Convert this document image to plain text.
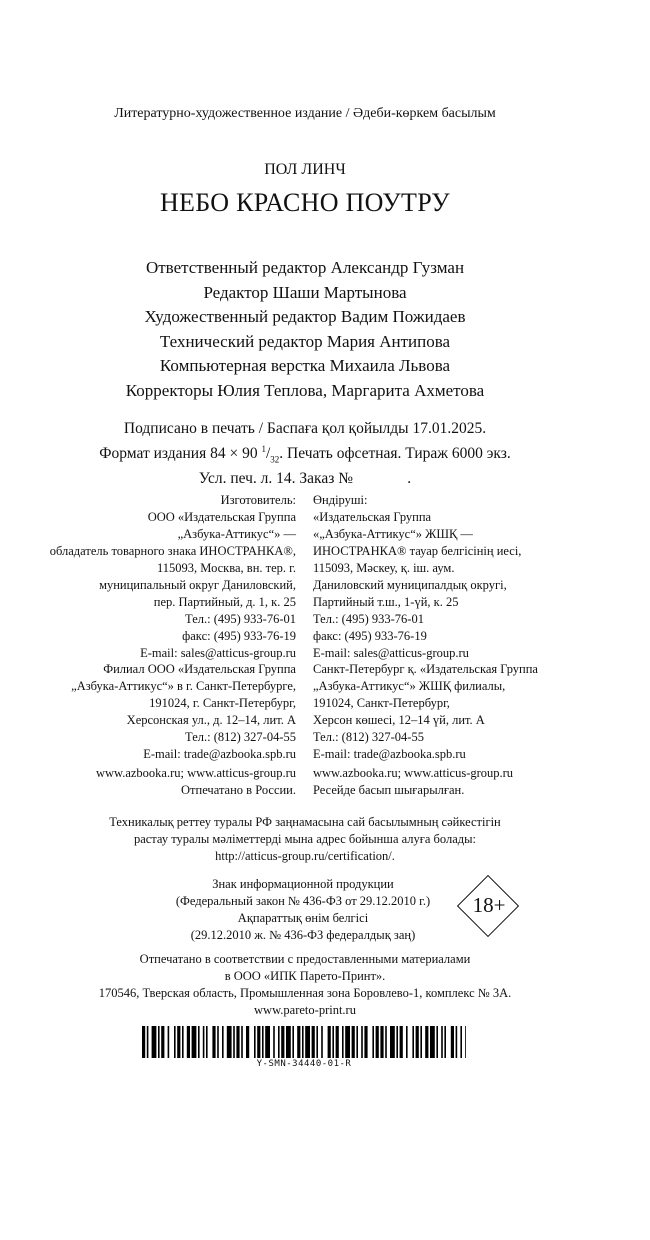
Литературно-художественное издание / Әдеби-көркем басылым
ПОЛ ЛИНЧ
НЕБО КРАСНО ПОУТРУ
Ответственный редактор Александр Гузман
Редактор Шаши Мартынова
Художественный редактор Вадим Пожидаев
Технический редактор Мария Антипова
Компьютерная верстка Михаила Львова
Корректоры Юлия Теплова, Маргарита Ахметова
Подписано в печать / Баспаға қол қойылды 17.01.2025.
Формат издания 84 × 90 $^1/_{32}$. Печать офсетная. Тираж 6000 экз.
Усл. печ. л. 14. Заказ №              .
Изготовитель:
ООО «Издательская Группа
„Азбука-Аттикус“» —
обладатель товарного знака ИНОСТРАНКА®,
115093, Москва, вн. тер. г.
муниципальный округ Даниловский,
пер. Партийный, д. 1, к. 25
Тел.: (495) 933-76-01
факс: (495) 933-76-19
E-mail: sales@atticus-group.ru
Өндіруші:
«Издательская Группа
«„Азбука-Аттикус“» ЖШҚ —
ИНОСТРАНКА® тауар белгісінің иесі,
115093, Мәскеу, қ. іш. аум.
Даниловский муниципалдық округі,
Партийный т.ш., 1-үй, к. 25
Тел.: (495) 933-76-01
факс: (495) 933-76-19
E-mail: sales@atticus-group.ru
Филиал ООО «Издательская Группа
„Азбука-Аттикус“» в г. Санкт-Петербурге,
191024, г. Санкт-Петербург,
Херсонская ул., д. 12–14, лит. А
Тел.: (812) 327-04-55
E-mail: trade@azbooka.spb.ru
Санкт-Петербург қ. «Издательская Группа
„Азбука-Аттикус“» ЖШҚ филиалы,
191024, Санкт-Петербург,
Херсон көшесі, 12–14 үй, лит. А
Тел.: (812) 327-04-55
E-mail: trade@azbooka.spb.ru
www.azbooka.ru; www.atticus-group.ru
Отпечатано в России.
www.azbooka.ru; www.atticus-group.ru
Ресейде басып шығарылған.
Техникалық реттеу туралы РФ заңнамасына сай басылымның сәйкестігін
растау туралы мәліметтерді мына адрес бойынша алуға болады:
http://atticus-group.ru/certification/.
Знак информационной продукции
(Федеральный закон № 436-ФЗ от 29.12.2010 г.)
Ақпараттық өнім белгісі
(29.12.2010 ж. № 436-ФЗ федералдық заң)
18+
Отпечатано в соответствии с предоставленными материалами
в ООО «ИПК Парето-Принт».
170546, Тверская область, Промышленная зона Боровлево-1, комплекс № 3А.
www.pareto-print.ru
Y-SMN-34440-01-R
